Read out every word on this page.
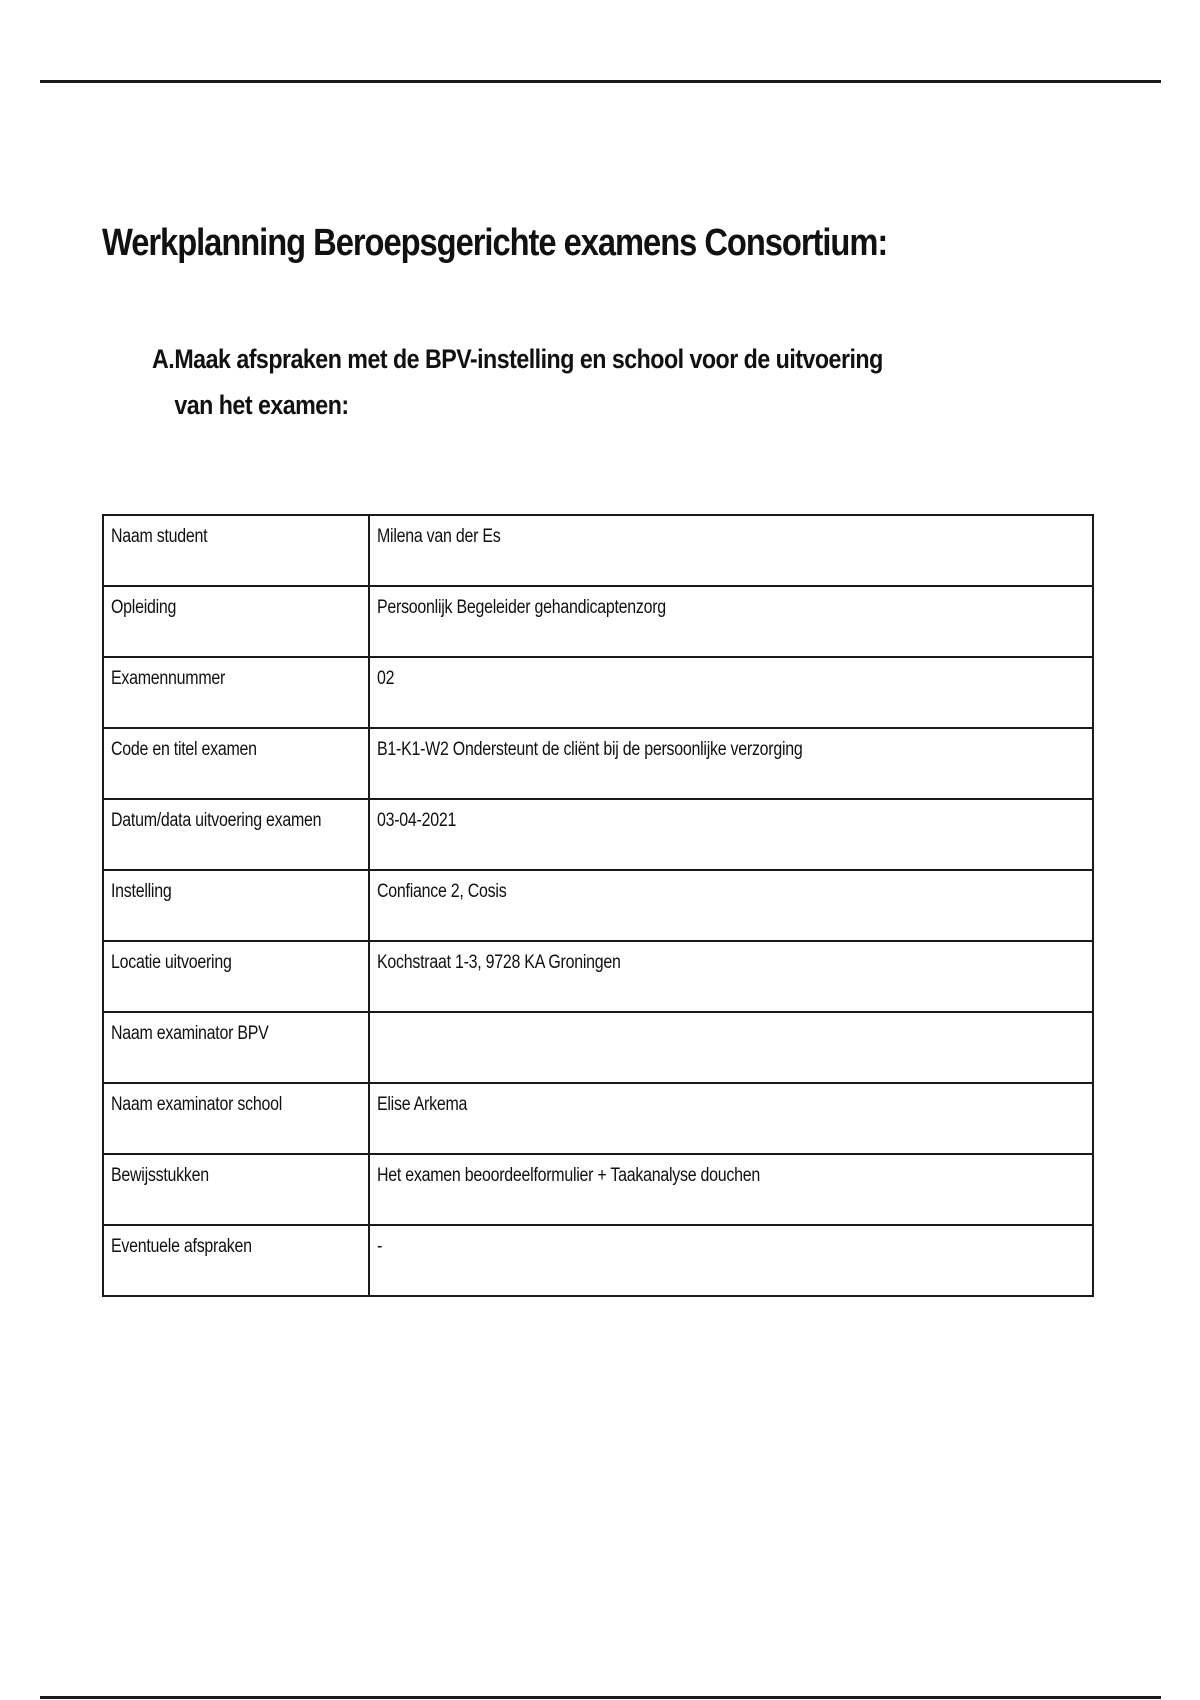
Werkplanning Beroepsgerichte examens Consortium:
A. Maak afspraken met de BPV-instelling en school voor de uitvoering van het examen:
Naam student	Milena van der Es
Opleiding	Persoonlijk Begeleider gehandicaptenzorg
Examennummer	02
Code en titel examen	B1-K1-W2 Ondersteunt de cliënt bij de persoonlijke verzorging
Datum/data uitvoering examen	03-04-2021
Instelling	Confiance 2, Cosis
Locatie uitvoering	Kochstraat 1-3, 9728 KA Groningen
Naam examinator BPV	
Naam examinator school	Elise Arkema
Bewijsstukken	Het examen beoordeelformulier + Taakanalyse douchen
Eventuele afspraken	-
